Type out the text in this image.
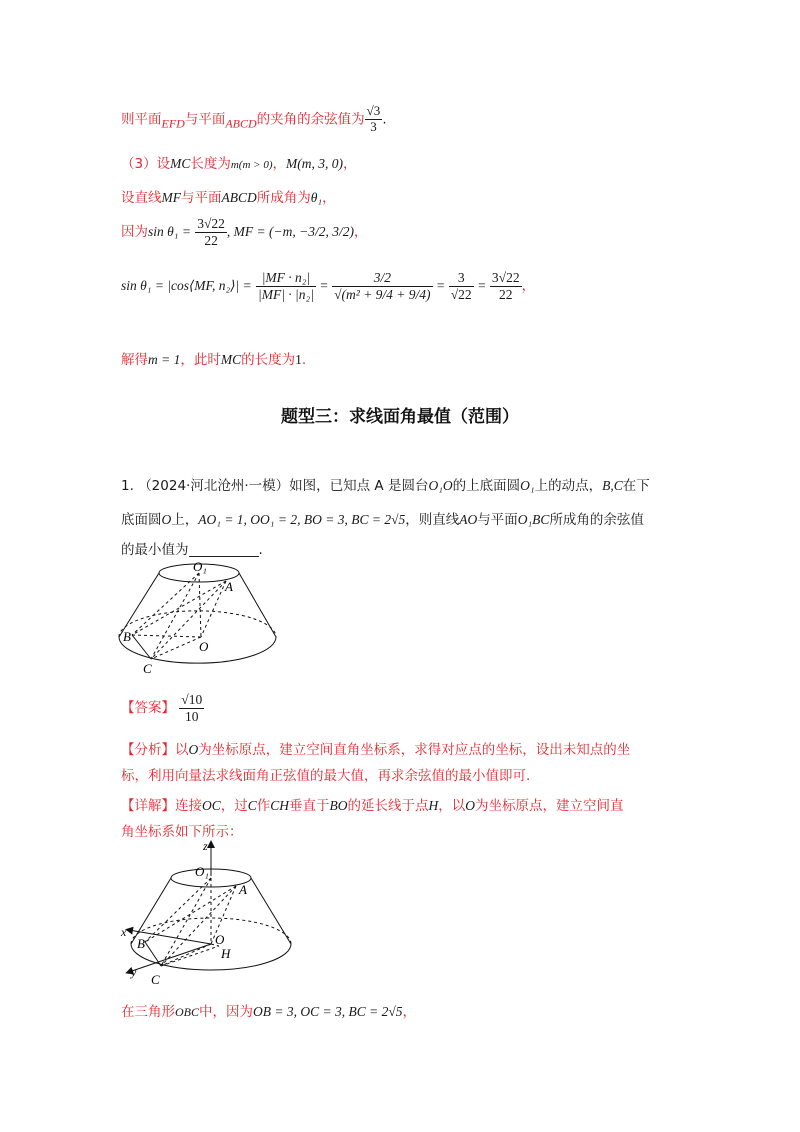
则平面EFD与平面ABCD的夹角的余弦值为 $\frac{√3}{3}$ .
（3）设MC长度为m(m > 0)，M(m, 3, 0)，
设直线MF与平面ABCD所成角为θ₁，
因为$\sin \theta_1 = \frac{3√22}{22}$ , MF = (−m, −3/2, 3/2)，
sin θ₁ = |cos⟨MF, n₂⟩| = $\frac{\text{|MF · n₂|}}{\text{|MF| · |n₂|}} = \frac{3/2}{\text{√(m² + 9/4 + 9/4)}} = \frac{3}{√22} = \frac{3√22}{22}$ ，
解得m = 1，此时MC的长度为1.
题型三：求线面角最值（范围）
1. （2024·河北沧州·一模）如图，已知点 A 是圆台O₁O的上底面圆O₁上的动点，B,C在下
底面圆O上，AO₁ = 1, OO₁ = 2, BO = 3, BC = 2√5，则直线AO与平面O₁BC所成角的余弦值
的最小值为	.
O₁
A
B
O
C
【答案】 $\frac{√10}{10}$
【分析】以O为坐标原点，建立空间直角坐标系，求得对应点的坐标，设出未知点的坐
标，利用向量法求线面角正弦值的最大值，再求余弦值的最小值即可.
【详解】连接OC，过C作CH垂直于BO的延长线于点H，以O为坐标原点，建立空间直
角坐标系如下所示：
z
O₁
A
x
B	O
H
y C
在三角形OBC中，因为OB = 3, OC = 3, BC = 2√5，
